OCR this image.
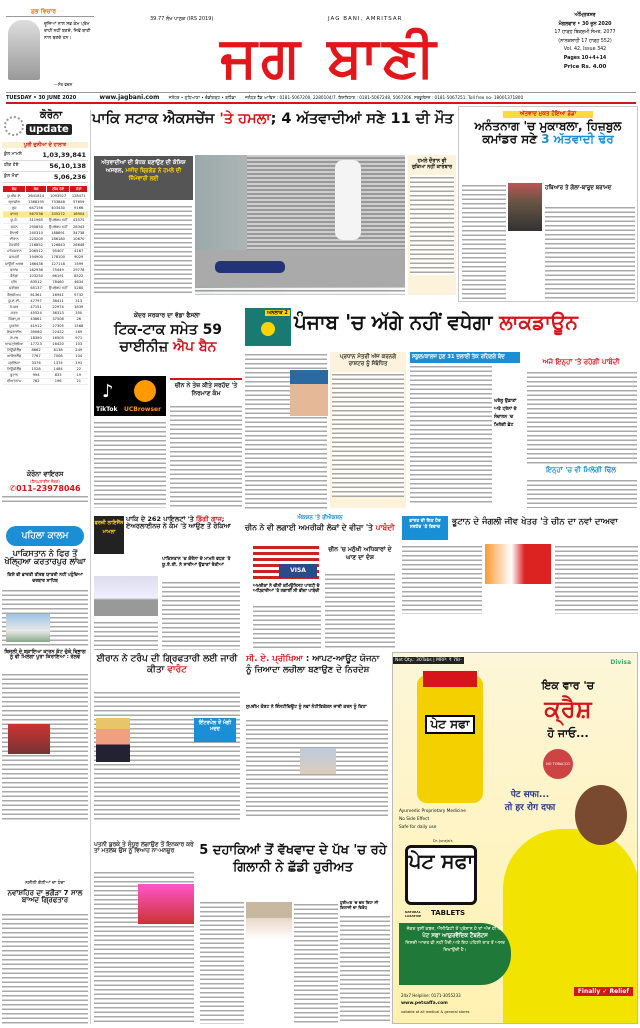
ਸ਼ੁਭ ਵਿਚਾਰ
ਦੂਜਿਆਂ ਨਾਲ ਸਭ ਕੰਮ ਪ੍ਰੇਮ ਰਾਹੀਂ ਨਹੀਂ ਬਣਦੇ, ਜਿਵੇਂ ਬਾਣੀ ਨਾਲ ਬਣਦੇ ਹਨ।
—ਸੰਤ ਵਚਨ
39.77 ਲੱਖ ਪਾਠਕ (IRS 2019)	JAG BANI, AMRITSAR
ਜਗ ਬਾਣੀ
ਅੰਮ੍ਰਿਤਸਰ
ਮੰਗਲਵਾਰ • 30 ਜੂਨ 2020
17 ਹਾੜ੍ਹ ਬਿਕ੍ਰਮੀ ਸੰਮਤ, 2077
(ਨਾਨਕਸ਼ਾਹੀ 17 ਹਾੜ੍ਹ 552)
Vol. 42, Issue 342
Pages 10+4+14
Price Rs. 4.00
TUESDAY • 30 JUNE 2020	www.jagbani.com ਜਲੰਧਰ • ਲੁਧਿਆਣਾ • ਚੰਡੀਗੜ੍ਹ • ਬਠਿੰਡਾ ਜਲੰਧਰ ਹੈੱਡ ਆਫਿਸ : 0181-5067200, 2280104/7. ਇਸ਼ਤਿਹਾਰ : 0181-5067248, 5067206. ਸਰਕੂਲੇਸ਼ਨ : 0181-5067251. Toll free no- 18001371800
ਕੋਰੋਨਾ
update
ਪੂਰੀ ਦੁਨੀਆ ਦੇ ਹਾਲਾਤ
ਕੁੱਲ ਮਾਮਲੇ	1,03,39,841
ਠੀਕ ਹੋਏ	56,10,138
ਕੁੱਲ ਮੌਤਾਂ	5,06,236
ਦੇਸ਼	ਕੇਸ	ਠੀਕ ਹੋਏ	ਮੌਤਾਂ
ਯੂ.ਐੱਸ.ਏ.	2641814	1093927	128471
ਬ੍ਰਾਜ਼ੀਲ	1368195	733848	57659
ਰੂਸ	647156	403430	9166
ਭਾਰਤ	567536	335272	16904
ਯੂ.ਕੇ.	311965	ਉਪਲੱਬਧ ਨਹੀਂ	43575
ਸਪੇਨ	295850	ਉਪਲੱਬਧ ਨਹੀਂ	28343
ਇਟਲੀ	240310	188891	34738
ਈਰਾਨ	225205	186180	10670
ਮੈਕਸੀਕੋ	216852	126843	26648
ਪਾਕਿਸਤਾਨ	206512	95407	4167
ਜਰਮਨੀ	194900	178100	9029
ਸਾਊਦੀ ਅਰਬ	186436	127118	1599
ਫਰਾਂਸ	162936	75449	29778
ਕੈਨੇਡਾ	103250	66191	8522
ਚੀਨ	83512	78460	4634
ਸਵੀਡਨ	65137	ਉਪਲੱਬਧ ਨਹੀਂ	5280
ਬੈਲਜੀਅਮ	61361	16941	9732
ਯੂ.ਏ.ਈ.	47797	36411	313
ਮਿਸਰ	47151	22974	1839
ਕਤਰ	45524	36313	350
ਸਿੰਗਾਪੁਰ	43661	37508	26
ਯੂਕਰੇਨ	41912	27305	1568
ਇਜ਼ਰਾਈਲ	39060	22422	169
ਨੇਪਾਲ	18390	16505	971
ਆਸਟ੍ਰੇਲੀਆ	17723	16420	103
ਨਿਊਜ਼ੀਲੈਂਡ	8862	8138	249
ਆਇਰਲੈਂਡ	7767	7008	104
ਸ਼੍ਰੀਲੰਕਾ	3376	1374	191
ਨਿਊਜ਼ੀਲੈਂਡ	1528	1484	22
ਭੂਟਾਨ	994	833	19
ਵੀਅਤਨਾਮ	762	196	21
ਕੋਰੋਨਾ ਵਾਇਰਸ
(ਹੈਲਪਲਾਈਨ ਨੰਬਰ)
✆011-23978046
ਪਹਿਲਾ ਕਾਲਮ
ਪਾਕਿਸਤਾਨ ਨੇ ਫਿਰ ਤੋਂ ਖੋਲ੍ਹਿਆ ਕਰਤਾਰਪੁਰ ਲਾਂਘਾ
ਕਿਸੇ ਵੀ ਭਾਰਤੀ ਤੀਰਥ ਯਾਤਰੀ ਨਹੀਂ ਪਹੁੰਚਿਆ ਦਰਬਾਰ ਸਾਹਿਬ
ਬਿਜਲੀ ਦੇ ਬਕਾਇਆ ਕਾਰਨ ਕੱਟ ਚੁੱਕੇ ਵਿਭਾਗ ਨੂੰ ਵੀ ਮਿਲੇਗਾ ਪੂਰਾ ਕਿਰਾਇਆ : ਰੇਲਵੇ
ਨਸ਼ੀਲੀ ਗੋਲੀਆਂ ਦਾ ਧੰਦਾ
ਨਵਾਂਸ਼ਹਿਰ ਦਾ ਭਗੌੜਾ 7 ਸਾਲ ਬਾਅਦ ਗ੍ਰਿਫਤਾਰ
ਪਾਕਿ ਸਟਾਕ ਐਕਸਚੇਂਜ 'ਤੇ ਹਮਲਾ; 4 ਅੱਤਵਾਦੀਆਂ ਸਣੇ 11 ਦੀ ਮੌਤ
ਅੱਤਵਾਦੀਆਂ ਦੀ ਬੰਧਕ ਬਣਾਉਣ ਦੀ ਕੋਸ਼ਿਸ਼ ਅਸਫਲ, ਮਜੀਦ ਬ੍ਰਿਗੇਡ ਨੇ ਹਮਲੇ ਦੀ ਜ਼ਿੰਮੇਵਾਰੀ ਲਈ
ਹਮਲੇ ਦੌਰਾਨ ਵੀ ਰੁਕਿਆ ਨਹੀਂ ਕਾਰੋਬਾਰ
ਅੱਤਵਾਦ ਮੁਕਤ ਹੋਇਆ ਡੋਡਾ
ਅਨੰਤਨਾਗ 'ਚ ਮੁਕਾਬਲਾ, ਹਿਜ਼ਬੁਲ ਕਮਾਂਡਰ ਸਣੇ 3 ਅੱਤਵਾਦੀ ਢੇਰ
ਹਥਿਆਰ ਤੇ ਗੋਲਾ-ਬਾਰੂਦ ਬਰਾਮਦ
ਕੇਂਦਰ ਸਰਕਾਰ ਦਾ ਵੱਡਾ ਫੈਸਲਾ
ਟਿਕ-ਟਾਕ ਸਮੇਤ 59 ਚਾਈਨੀਜ਼ ਐਪ ਬੈਨ
♪
TikTok UCBrowser
ਚੀਨ ਨੇ ਤੇਜ਼ ਕੀਤੇ ਸਰਹੱਦ 'ਤੇ ਨਿਰਮਾਣ ਕੰਮ
ਅਨਲਾਕ 2 ਪੰਜਾਬ 'ਚ ਅੱਗੇ ਨਹੀਂ ਵਧੇਗਾ ਲਾਕਡਾਊਨ
ਪ੍ਰਧਾਨ ਮੰਤਰੀ ਅੱਜ ਕਰਨਗੇ ਰਾਸ਼ਟਰ ਨੂੰ ਸੰਬੋਧਿਤ
ਸਕੂਲ/ਕਾਲਜ ਹੁਣ 31 ਜੁਲਾਈ ਤੱਕ ਰਹਿਣਗੇ ਬੰਦ
ਘਰੇਲੂ ਉਡਾਣਾਂ ਅਤੇ ਟ੍ਰੇਨਾਂ ਦੇ ਸੰਚਾਲਨ 'ਚ ਮਿਲੇਗੀ ਛੋਟ
ਅਜੇ ਇਨ੍ਹਾਂ 'ਤੇ ਰਹੇਗੀ ਪਾਬੰਦੀ
ਇਨ੍ਹਾਂ 'ਚ ਵੀ ਮਿਲੇਗੀ ਢਿੱਲ
ਫਰਜ਼ੀ ਲਾਇਸੈਂਸ ਮਾਮਲਾ
ਪਾਕਿ ਦੇ 262 ਪਾਇਲਟਾਂ 'ਤੇ ਡਿੱਗੀ ਗਾਜ; ਏਅਰਲਾਈਨਜ਼ ਨੇ ਕੰਮ 'ਤੇ ਆਉਣ ਤੋਂ ਰੋਕਿਆ
ਪਾਕਿਸਤਾਨ 'ਚ ਕੋਰੋਨਾ ਦੇ ਮਾਮਲੇ ਵਧਣ 'ਤੇ ਯੂ.ਏ.ਈ. ਨੇ ਸਾਰੀਆਂ ਉਡਾਣਾਂ ਰੋਕੀਆਂ
ਐਕਸ਼ਨ 'ਤੇ ਰੀਐਕਸ਼ਨ
ਚੀਨ ਨੇ ਵੀ ਲਗਾਈ ਅਮਰੀਕੀ ਲੋਕਾਂ ਦੇ ਵੀਜ਼ਾ 'ਤੇ ਪਾਬੰਦੀ
VISA
ਅਮਰੀਕਾ ਨੇ ਚੀਨੀ ਕਮਿਊਨਿਸਟ ਪਾਰਟੀ ਦੇ ਅਧਿਕਾਰੀਆਂ 'ਤੇ ਲਗਾਈ ਸੀ ਵੀਜ਼ਾ ਪਾਬੰਦੀ
ਚੀਨ 'ਚ ਮਨੁੱਖੀ ਅਧਿਕਾਰਾਂ ਦੇ ਘਾਣ ਦਾ ਦੋਸ਼
ਭਾਰਤ ਦੀ ਇਕ ਹੋਰ ਸਰਹੱਦ 'ਤੇ ਵਿਵਾਦ
ਭੂਟਾਨ ਦੇ ਜੰਗਲੀ ਜੀਵ ਖੇਤਰ 'ਤੇ ਚੀਨ ਦਾ ਨਵਾਂ ਦਾਅਵਾ
Net Qty.: 30Tabs | MRP: ₹ 78/-	Divisa
ਪੇਟ ਸਫਾ
ਇਕ ਵਾਰ 'ਚ
ਕ੍ਰੈਸ਼
ਹੋ ਜਾਓ...
NO TOBACCO
पेट सफा...
तो हर रोग दफा
Ayurvedic Proprietary Medicine
No Side Effect
Safe for daily use
Dr. Juneja's
ਪੇਟ ਸਫਾ
NATURAL LAXATIVE	TABLETS
ਜੇਕਰ ਤੁਸੀਂ ਕਬਜ਼, ਐਸੀਡਿਟੀ ਤੋਂ ਪ੍ਰੇਸ਼ਾਨ ਹੋ ਤਾਂ ਅੱਜ ਹੀ ਲਵੋ
ਪੇਟ ਸਫਾ ਆਯੁਰਵੈਦਿਕ ਟੈਬਲੇਟਸ
ਜਿਸਦੀ ਆਦਤ ਵੀ ਨਹੀਂ ਪੈਂਦੀ,ਅਤੇ ਇਹ ਪਹਿਲੀ ਰਾਤ ਤੋਂ ਅਸਰ ਦਿਖਾਉਂਦੀ ਹੈ।
24x7 Helpline: 0171-3055233
www.petsaffa.com
vailable at all medical & general stores
Finally ✓ Relief
ਈਰਾਨ ਨੇ ਟਰੰਪ ਦੀ ਗ੍ਰਿਫਤਾਰੀ ਲਈ ਜਾਰੀ ਕੀਤਾ ਵਾਰੰਟ
ਇੰਟਰਪੋਲ ਤੋਂ ਮੰਗੀ ਮਦਦ
ਸੀ. ਏ. ਪ੍ਰੀਖਿਆ : ਆਪਟ-ਆਊਟ ਯੋਜਨਾ ਨੂੰ ਜ਼ਿਆਦਾ ਲਚੀਲਾ ਬਣਾਉਣ ਦੇ ਨਿਰਦੇਸ਼
ਸੁਪਰੀਮ ਕੋਰਟ ਨੇ ਇੰਸਟੀਚਿਊਟ ਨੂੰ ਨਵਾਂ ਨੋਟੀਫਿਕੇਸ਼ਨ ਜਾਰੀ ਕਰਨ ਨੂੰ ਕਿਹਾ
ਪਤਨੀ ਬੁਰਕੇ ਤੇ ਸੰਧੂਰ ਲਗਾਉਣ ਤੋਂ ਇਨਕਾਰ ਕਰੇ ਤਾਂ ਮਤਲਬ ਉਸ ਨੂੰ ਵਿਆਹ ਨਾ-ਮਨਜ਼ੂਰ	5 ਦਹਾਕਿਆਂ ਤੋਂ ਵੱਖਵਾਦ ਦੇ ਪੱਖ 'ਚ ਰਹੇ ਗਿਲਾਨੀ ਨੇ ਛੱਡੀ ਹੁਰੀਅਤ
ਹੁਰੀਅਤ 'ਚ ਚਲ ਰਿਹਾ ਸੀ ਗਿਲਾਨੀ ਦਾ ਵਿਰੋਧ
